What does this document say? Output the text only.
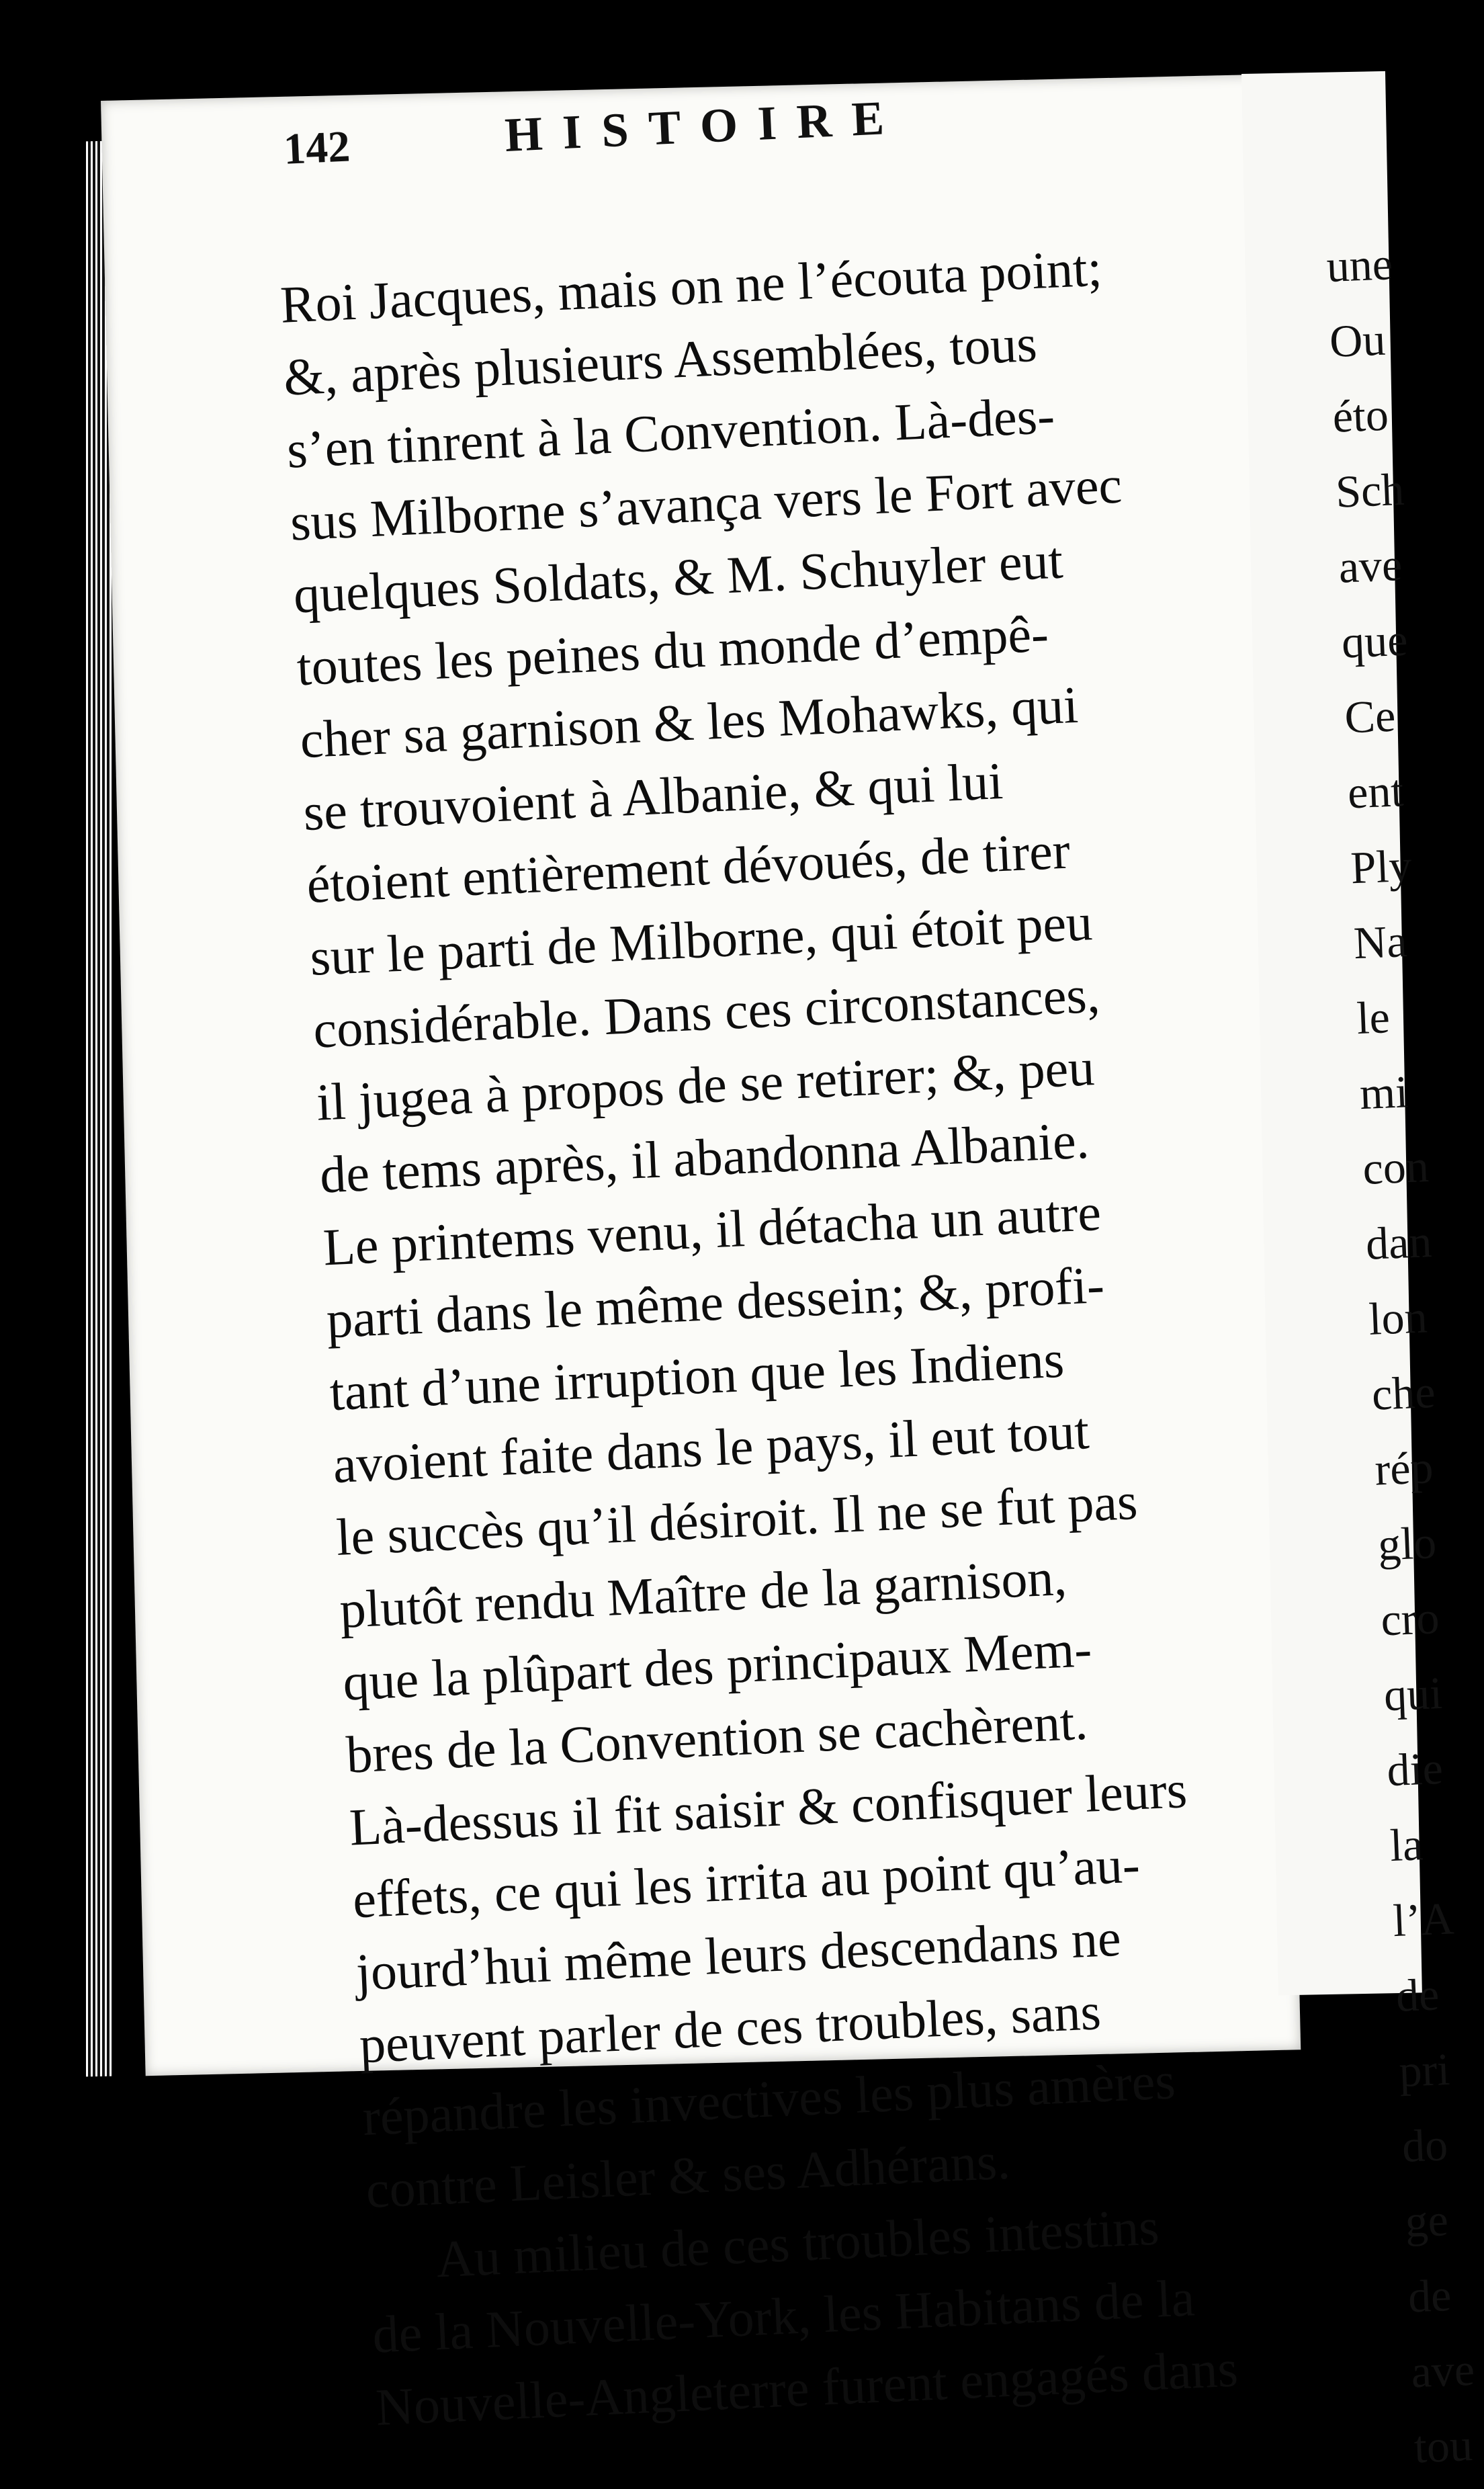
une
Ou
éto
Sch
ave
que
Ce
ent
Ply
Na
le
mi
con
dan
lon
che
rép
glo
cro
qui
die
la
l’A
de
pri
do
ge
de
ave
tou
142	HISTOIRE
Roi Jacques, mais on ne l’écouta point;
&, après plusieurs Assemblées, tous
s’en tinrent à la Convention. Là-des-
sus Milborne s’avança vers le Fort avec
quelques Soldats, & M. Schuyler eut
toutes les peines du monde d’empê-
cher sa garnison & les Mohawks, qui
se trouvoient à Albanie, & qui lui
étoient entièrement dévoués, de tirer
sur le parti de Milborne, qui étoit peu
considérable. Dans ces circonstances,
il jugea à propos de se retirer; &, peu
de tems après, il abandonna Albanie.
Le printems venu, il détacha un autre
parti dans le même dessein; &, profi-
tant d’une irruption que les Indiens
avoient faite dans le pays, il eut tout
le succès qu’il désiroit. Il ne se fut pas
plutôt rendu Maître de la garnison,
que la plûpart des principaux Mem-
bres de la Convention se cachèrent.
Là-dessus il fit saisir & confisquer leurs
effets, ce qui les irrita au point qu’au-
jourd’hui même leurs descendans ne
peuvent parler de ces troubles, sans
répandre les invectives les plus amères
contre Leisler & ses Adhérans.
Au milieu de ces troubles intestins
de la Nouvelle-York, les Habitans de la
Nouvelle-Angleterre furent engagés dans
